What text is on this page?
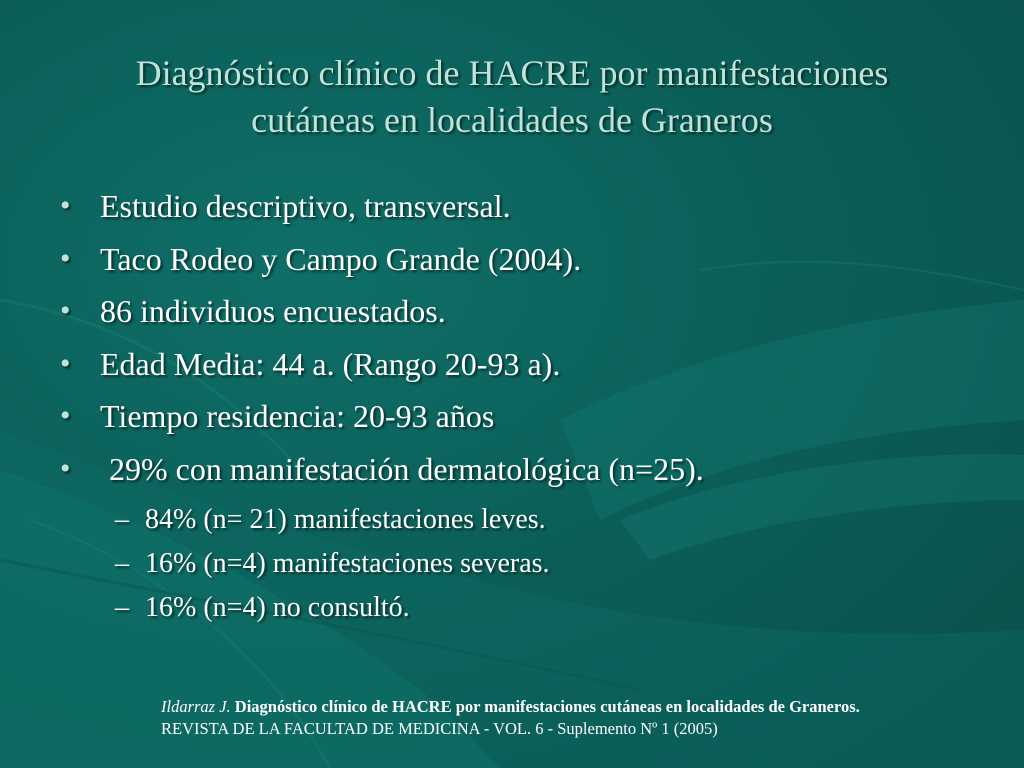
Diagnóstico clínico de HACRE por manifestaciones
cutáneas en localidades de Graneros
• Estudio descriptivo, transversal.
• Taco Rodeo y Campo Grande (2004).
• 86 individuos encuestados.
• Edad Media: 44 a. (Rango 20-93 a).
• Tiempo residencia: 20-93 años
• 29% con manifestación dermatológica (n=25).
– 84% (n= 21) manifestaciones leves.
– 16% (n=4) manifestaciones severas.
– 16% (n=4) no consultó.
Ildarraz J. Diagnóstico clínico de HACRE por manifestaciones cutáneas en localidades de Graneros.
REVISTA DE LA FACULTAD DE MEDICINA - VOL. 6 - Suplemento Nº 1 (2005)
